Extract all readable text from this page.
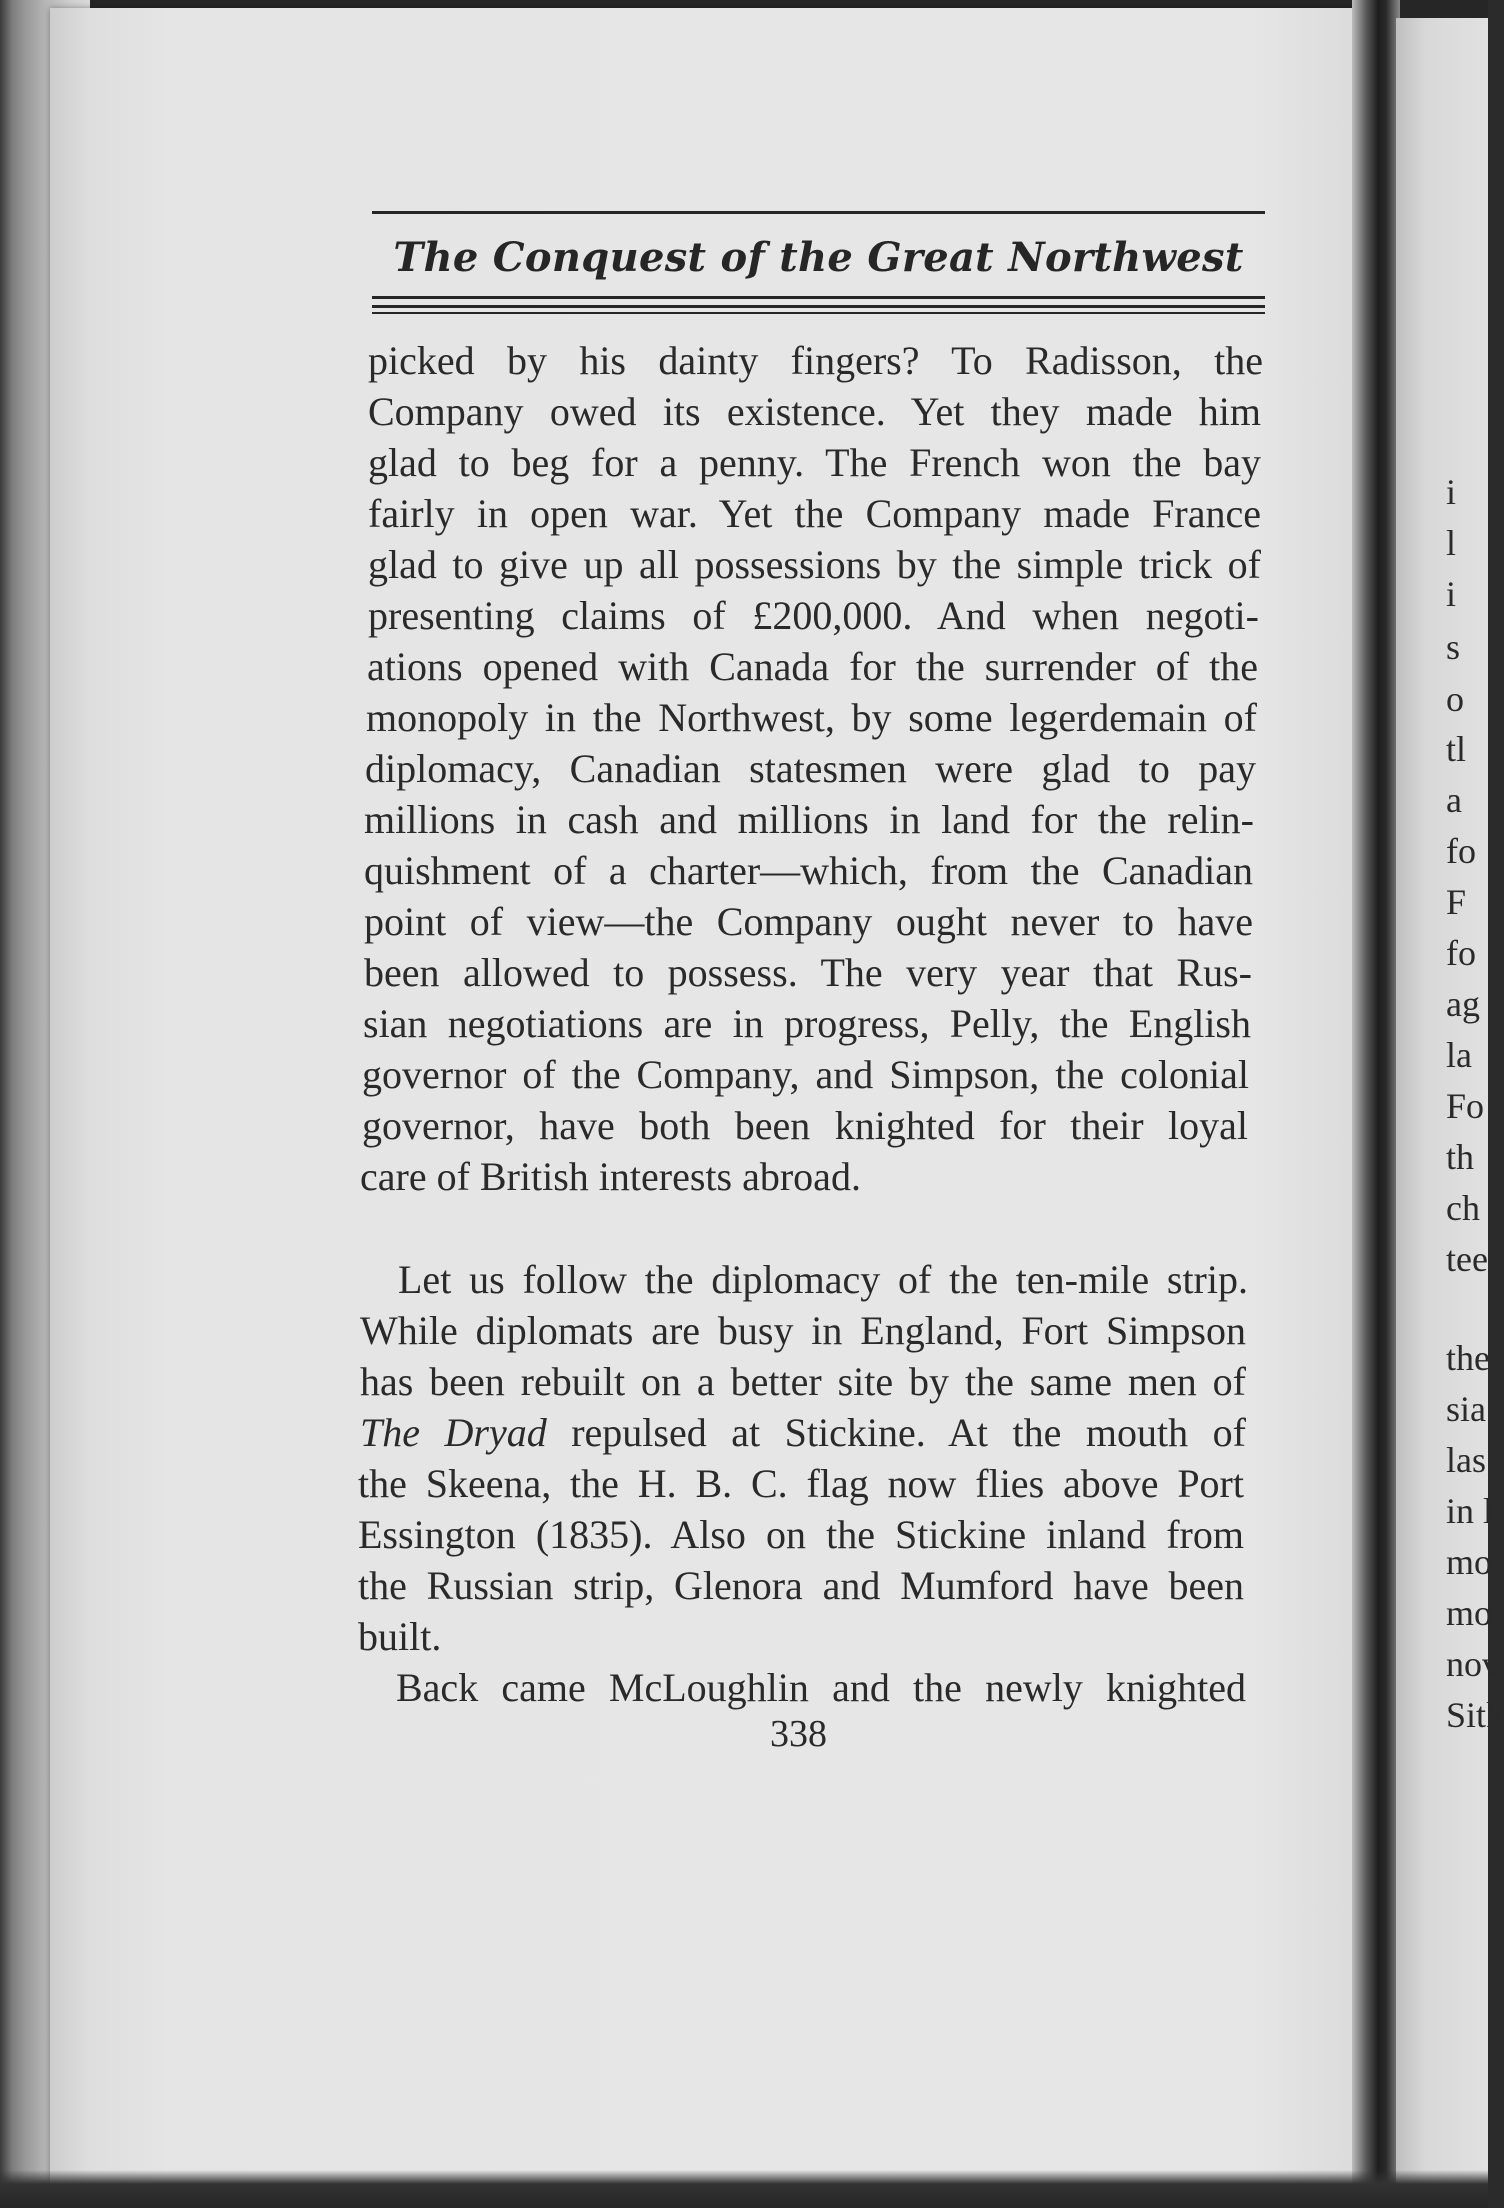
The Conquest of the Great Northwest
picked by his dainty fingers? To Radisson, the
Company owed its existence. Yet they made him
glad to beg for a penny. The French won the bay
fairly in open war. Yet the Company made France
glad to give up all possessions by the simple trick of
presenting claims of £200,000. And when negoti-
ations opened with Canada for the surrender of the
monopoly in the Northwest, by some legerdemain of
diplomacy, Canadian statesmen were glad to pay
millions in cash and millions in land for the relin-
quishment of a charter—which, from the Canadian
point of view—the Company ought never to have
been allowed to possess. The very year that Rus-
sian negotiations are in progress, Pelly, the English
governor of the Company, and Simpson, the colonial
governor, have both been knighted for their loyal
care of British interests abroad.
Let us follow the diplomacy of the ten-mile strip.
While diplomats are busy in England, Fort Simpson
has been rebuilt on a better site by the same men of
The Dryad repulsed at Stickine. At the mouth of
the Skeena, the H. B. C. flag now flies above Port
Essington (1835). Also on the Stickine inland from
the Russian strip, Glenora and Mumford have been
built.
Back came McLoughlin and the newly knighted
338
i
l
i
s
o
tl
a
fo
F
fo
ag
la
Fo
th
ch
tee
the
sia
las
in l
mo
mo
nov
Sitk
